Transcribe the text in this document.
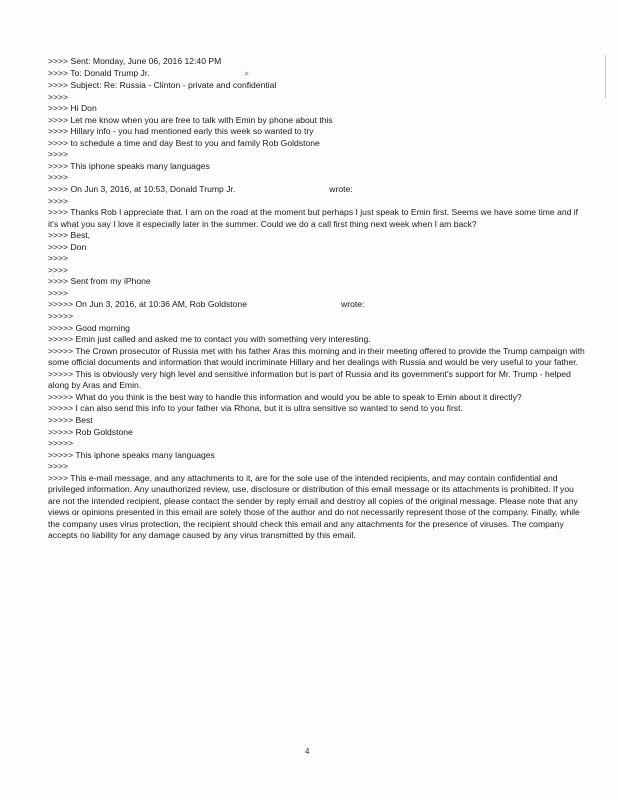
>>>> Sent: Monday, June 06, 2016 12:40 PM
>>>> To: Donald Trump Jr.	>
>>>> Subject: Re: Russia - Clinton - private and confidential
>>>>
>>>> Hi Don
>>>> Let me know when you are free to talk with Emin by phone about this
>>>> Hillary info - you had mentioned early this week so wanted to try
>>>> to schedule a time and day Best to you and family Rob Goldstone
>>>>
>>>> This iphone speaks many languages
>>>>
>>>> On Jun 3, 2016, at 10:53, Donald Trump Jr.	wrote:
>>>>
>>>> Thanks Rob I appreciate that. I am on the road at the moment but perhaps I just speak to Emin first. Seems we have some time and if it's what you say I love it especially later in the summer. Could we do a call first thing next week when I am back?
>>>> Best,
>>>> Don
>>>>
>>>>
>>>> Sent from my iPhone
>>>>
>>>>> On Jun 3, 2016, at 10:36 AM, Rob Goldstone	wrote:
>>>>>
>>>>> Good morning
>>>>> Emin just called and asked me to contact you with something very interesting.
>>>>> The Crown prosecutor of Russia met with his father Aras this morning and in their meeting offered to provide the Trump campaign with some official documents and information that would incriminate Hillary and her dealings with Russia and would be very useful to your father.
>>>>> This is obviously very high level and sensitive information but is part of Russia and its government's support for Mr. Trump - helped along by Aras and Emin.
>>>>> What do you think is the best way to handle this information and would you be able to speak to Emin about it directly?
>>>>> I can also send this info to your father via Rhona, but it is ultra sensitive so wanted to send to you first.
>>>>> Best
>>>>> Rob Goldstone
>>>>>
>>>>> This iphone speaks many languages
>>>>
>>>> This e-mail message, and any attachments to it, are for the sole use of the intended recipients, and may contain confidential and privileged information. Any unauthorized review, use, disclosure or distribution of this email message or its attachments is prohibited. If you are not the intended recipient, please contact the sender by reply email and destroy all copies of the original message. Please note that any views or opinions presented in this email are solely those of the author and do not necessarily represent those of the company. Finally, while the company uses virus protection, the recipient should check this email and any attachments for the presence of viruses. The company accepts no liability for any damage caused by any virus transmitted by this email.
4
